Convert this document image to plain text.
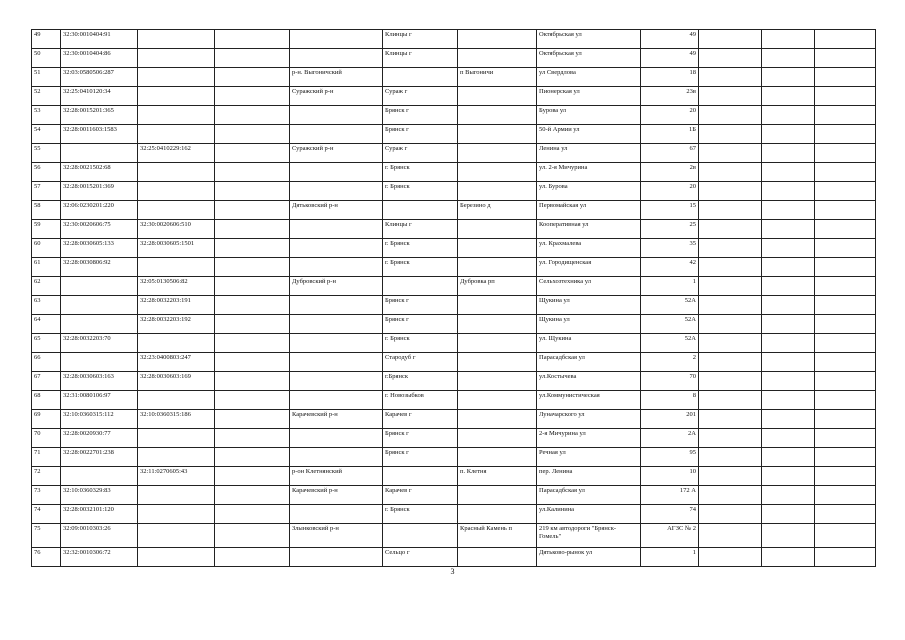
49	32:30:0010404:91				Клинцы г		Октябрьская ул	49			
50	32:30:0010404:86				Клинцы г		Октябрьская ул	49			
51	32:03:0580506:287			р-н. Выгоничский		п Выгоничи	ул Свердлова	18			
52	32:25:0410120:34			Суражский р-н	Сураж г		Пионерская ул	23в			
53	32:28:0015201:365				Брянск г		Бурова ул	20			
54	32:28:0011603:1583				Брянск г		50-й Армии ул	1Б			
55		32:25:0410229:162		Суражский р-н	Сураж г		Ленина ул	67			
56	32:28:0021502:68				г. Брянск		ул. 2-я Мичурина	2в			
57	32:28:0015201:369				г. Брянск		ул. Бурова	20			
58	32:06:0230201:220			Дятьковский р-н		Березино д	Первомайская ул	15			
59	32:30:0020606:75	32:30:0020606:510			Клинцы г		Кооперативная ул	25			
60	32:28:0030605:133	32:28:0030605:1501			г. Брянск		ул. Крахмалева	35			
61	32:28:0030806:92				г. Брянск		ул. Городищенская	42			
62		32:05:0130506:82		Дубровский р-н		Дубровка рп	Сельхозтехника ул	1			
63		32:28:0032203:191			Брянск г		Щукина ул	52А			
64		32:28:0032203:192			Брянск г		Щукина ул	52А			
65	32:28:0032203:70				г. Брянск		ул. Щукина	52А			
66		32:23:0400803:247			Стародуб г		Парасадбская ул	2			
67	32:28:0030603:163	32:28:0030603:169			г.Брянск		ул.Костычева	70			
68	32:31:0080106:97				г. Новозыбков		ул.Коммунистическая	8			
69	32:10:0360315:112	32:10:0360315:186		Карачевский р-н	Карачев г		Луначарского ул	201			
70	32:28:0020930:77				Брянск г		2-я Мичурина ул	2А			
71	32:28:0022701:238				Брянск г		Речная ул	95			
72		32:11:0270605:43		р-он Клетнянский		п. Клетня	пер. Ленина	10			
73	32:10:0360329:83			Карачевский р-н	Карачев г		Парасадбская ул	172 А			
74	32:28:0032101:120				г. Брянск		ул.Калинина	74			
75	32:09:0010303:26			Злынковский р-н		Красный Камень п	219 км автодороги "Брянск-Гомель"	АГЗС № 2			
76	32:32:0010306:72				Сельцо г		Дятьково-рынок ул	1			
3
